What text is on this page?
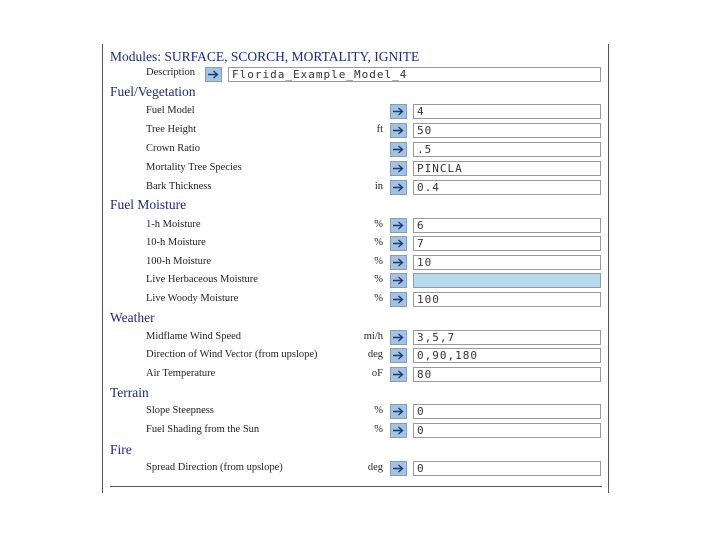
Modules: SURFACE, SCORCH, MORTALITY, IGNITE
Description	Florida_Example_Model_4
Fuel/Vegetation
Fuel Model	4
Tree Height	ft	50
Crown Ratio	.5
Mortality Tree Species	PINCLA
Bark Thickness	in	0.4
Fuel Moisture
1-h Moisture	%	6
10-h Moisture	%	7
100-h Moisture	%	10
Live Herbaceous Moisture	%
Live Woody Moisture	%	100
Weather
Midflame Wind Speed	mi/h	3,5,7
Direction of Wind Vector (from upslope)	deg	0,90,180
Air Temperature	oF	80
Terrain
Slope Steepness	%	0
Fuel Shading from the Sun	%	0
Fire
Spread Direction (from upslope)	deg	0
